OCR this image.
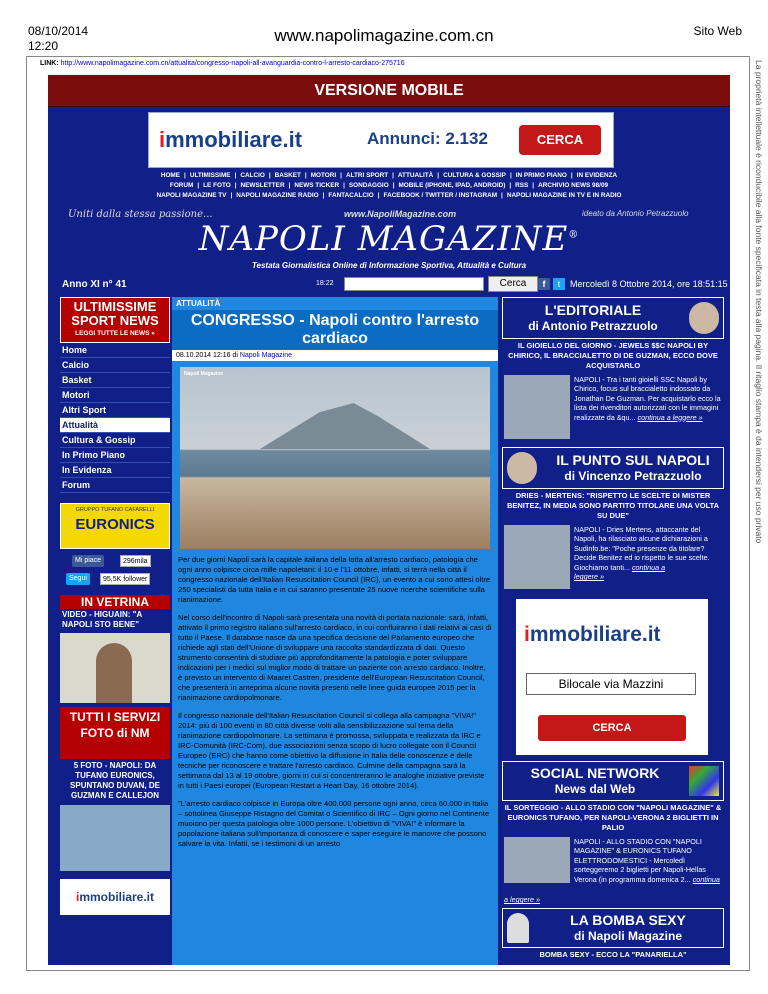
08/10/2014
12:20
www.napolimagazine.com.cn	Sito Web
LINK: http://www.napolimagazine.com.cn/attualita/congresso-napoli-all-avanguardia-contro-l-arresto-cardiaco-275716	La proprietà intellettuale è riconducibile alla fonte specificata in testa alla pagina. Il ritaglio stampa è da intendersi per uso privato
VERSIONE MOBILE
immobiliare.it	Annunci: 2.132	CERCA
HOME | ULTIMISSIME | CALCIO | BASKET | MOTORI | ALTRI SPORT | ATTUALITÀ | CULTURA & GOSSIP | IN PRIMO PIANO | IN EVIDENZA
FORUM | LE FOTO | NEWSLETTER | NEWS TICKER | SONDAGGIO | MOBILE (IPHONE, IPAD, ANDROID) | RSS | ARCHIVIO NEWS 98/09
NAPOLI MAGAZINE TV | NAPOLI MAGAZINE RADIO | FANTACALCIO | FACEBOOK / TWITTER / INSTAGRAM | NAPOLI MAGAZINE IN TV E IN RADIO
Uniti dalla stessa passione...	www.NapoliMagazine.com	ideato da Antonio Petrazzuolo
NAPOLI MAGAZINE®
Testata Giornalistica Online di Informazione Sportiva, Attualità e Cultura
Anno XI n° 41	18:22	Cerca	f	t	Mercoledì 8 Ottobre 2014, ore 18:51:15
ULTIMISSIME SPORT NEWS
LEGGI TUTTE LE NEWS »
Home
Calcio
Basket
Motori
Altri Sport
Attualità
Cultura & Gossip
In Primo Piano
In Evidenza
Forum
GRUPPO TUFANO CAFARELLI
EURONICS
Mi piace	296mila
Segui	95,5K follower
IN VETRINA
VIDEO - HIGUAIN: "A NAPOLI STO BENE"
TUTTI I SERVIZI FOTO di NM
5 FOTO - NAPOLI: DA TUFANO EURONICS, SPUNTANO DUVAN, DE GUZMAN E CALLEJON
immobiliare.it
ATTUALITÀ
CONGRESSO - Napoli contro l'arresto cardiaco
08.10.2014 12:16 di Napoli Magazine
Napoli Magazine

Per due giorni Napoli sarà la capitale italiana della lotta all'arresto cardiaco, patologia che ogni anno colpisce circa mille napoletani: il 10 e l'11 ottobre, infatti, si terrà nella città il congresso nazionale dell'Italian Resuscitation Council (IRC), un evento a cui sono attesi oltre 250 specialisti da tutta Italia e in cui saranno presentate 25 nuove ricerche scientifiche sulla rianimazione.

Nel corso dell'incontro di Napoli sarà presentata una novità di portata nazionale: sarà, infatti, attivato il primo registro italiano sull'arresto cardiaco, in cui confluiranno i dati relativi ai casi di tutto il Paese. Il database nasce da una specifica decisione del Parlamento europeo che richiede agli stati dell'Unione di sviluppare una raccolta standardizzata di dati. Questo strumento consentirà di studiare più approfonditamente la patologia e poter sviluppare indicazioni per i medici sul miglior modo di trattare un paziente con arresto cardiaco. Inoltre, è previsto un intervento di Maaret Castren, presidente dell'European Resuscitation Council, che presenterà in anteprima alcune novità presenti nelle linee guida europee 2015 per la rianimazione cardiopolmonare.

Il congresso nazionale dell'Italian Resuscitation Council si collega alla campagna "VIVA!" 2014: più di 100 eventi in 80 città diverse volti alla sensibilizzazione sul tema della rianimazione cardiopolmonare. La settimana è promossa, sviluppata e realizzata da IRC e IRC-Comunità (IRC-Com), due associazioni senza scopo di lucro collegate con il Council Europeo (ERC) che hanno come obiettivo la diffusione in Italia delle conoscenze e delle tecniche per riconoscere e trattare l'arresto cardiaco. Culmine della campagna sarà la settimana dal 13 al 19 ottobre, giorni in cui si concentreranno le analoghe iniziative previste in tutti i Paesi europei (European Restart a Heart Day, 16 ottobre 2014).

"L'arresto cardiaco colpisce in Europa oltre 400.000 persone ogni anno, circa 60.000 in Italia – sottolinea Giuseppe Ristagno del Comitat o Scientifico di IRC – Ogni giorno nel Continente muoiono per questa patologia oltre 1000 persone. L'obiettivo di "VIVA!" è informare la popolazione italiana sull'importanza di conoscere e saper eseguire le manovre che possono salvare la vita. Infatti, se i testimoni di un arresto

L'EDITORIALE
di Antonio Petrazzuolo
IL GIOIELLO DEL GIORNO - JEWELS $$C NAPOLI BY CHIRICO, IL BRACCIALETTO DI DE GUZMAN, ECCO DOVE ACQUISTARLO
NAPOLI - Tra i tanti gioielli SSC Napoli by Chirico, focus sul braccialetto indossato da Jonathan De Guzman. Per acquistarlo ecco la lista dei rivenditori autorizzati con le immagini realizzate da &qu... continua a leggere »
IL PUNTO SUL NAPOLI
di Vincenzo Petrazzuolo
DRIES - MERTENS: "RISPETTO LE SCELTE DI MISTER BENITEZ, IN MEDIA SONO PARTITO TITOLARE UNA VOLTA SU DUE"
NAPOLI - Dries Mertens, attaccante del Napoli, ha rilasciato alcune dichiarazioni a Sudinfo.be: "Poche presenze da titolare? Decide Benitez ed io rispetto le sue scelte. Giochiamo tanti... continua a
leggere »
immobiliare.it
Bilocale via Mazzini
CERCA
SOCIAL NETWORK
News dal Web
IL SORTEGGIO - ALLO STADIO CON "NAPOLI MAGAZINE" & EURONICS TUFANO, PER NAPOLI-VERONA 2 BIGLIETTI IN PALIO
NAPOLI - ALLO STADIO CON "NAPOLI MAGAZINE" & EURONICS TUFANO ELETTRODOMESTICI - Mercoledì sorteggeremo 2 biglietti per Napoli-Hellas Verona (in programma domenica 2... continua
a leggere »
LA BOMBA SEXY
di Napoli Magazine
BOMBA SEXY - ECCO LA "PANARIELLA"
